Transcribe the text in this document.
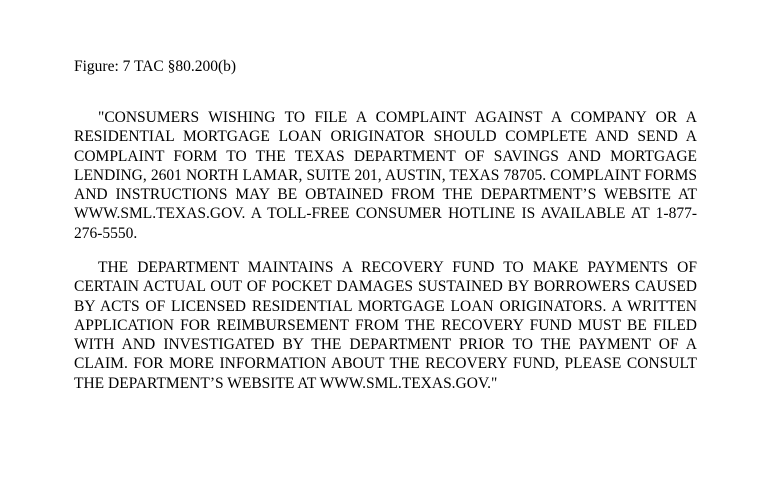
Figure: 7 TAC §80.200(b)

"CONSUMERS WISHING TO FILE A COMPLAINT AGAINST A COMPANY OR A RESIDENTIAL MORTGAGE LOAN ORIGINATOR SHOULD COMPLETE AND SEND A COMPLAINT FORM TO THE TEXAS DEPARTMENT OF SAVINGS AND MORTGAGE LENDING, 2601 NORTH LAMAR, SUITE 201, AUSTIN, TEXAS 78705. COMPLAINT FORMS AND INSTRUCTIONS MAY BE OBTAINED FROM THE DEPARTMENT’S WEBSITE AT WWW.SML.TEXAS.GOV. A TOLL-FREE CONSUMER HOTLINE IS AVAILABLE AT 1-877-276-5550.

THE DEPARTMENT MAINTAINS A RECOVERY FUND TO MAKE PAYMENTS OF CERTAIN ACTUAL OUT OF POCKET DAMAGES SUSTAINED BY BORROWERS CAUSED BY ACTS OF LICENSED RESIDENTIAL MORTGAGE LOAN ORIGINATORS. A WRITTEN APPLICATION FOR REIMBURSEMENT FROM THE RECOVERY FUND MUST BE FILED WITH AND INVESTIGATED BY THE DEPARTMENT PRIOR TO THE PAYMENT OF A CLAIM. FOR MORE INFORMATION ABOUT THE RECOVERY FUND, PLEASE CONSULT THE DEPARTMENT’S WEBSITE AT WWW.SML.TEXAS.GOV."
